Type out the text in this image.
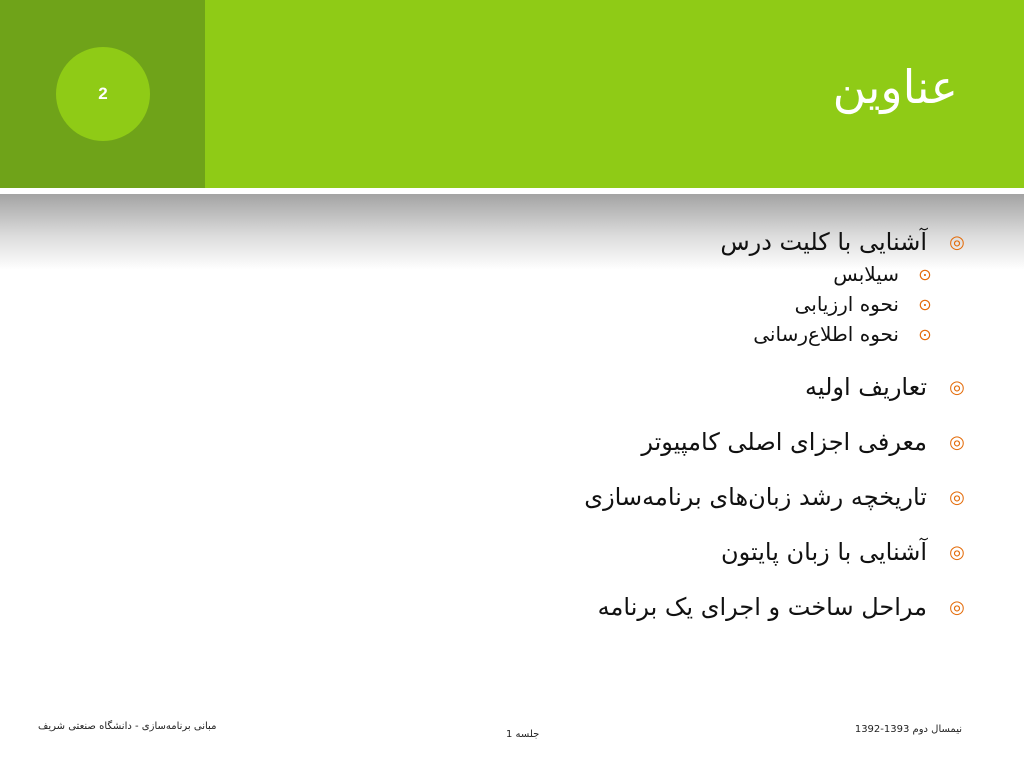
2	عناوین
◎
آشنایی با کلیت درس
⊙
سیلابس
⊙
نحوه ارزیابی
⊙
نحوه اطلاع‌رسانی
◎
تعاریف اولیه
◎
معرفی اجزای اصلی کامپیوتر
◎
تاریخچه رشد زبان‌های برنامه‌سازی
◎
آشنایی با زبان پایتون
◎
مراحل ساخت و اجرای یک برنامه
مبانی برنامه‌سازی - دانشگاه صنعتی شریف
جلسه 1	نیمسال دوم 1393-1392
